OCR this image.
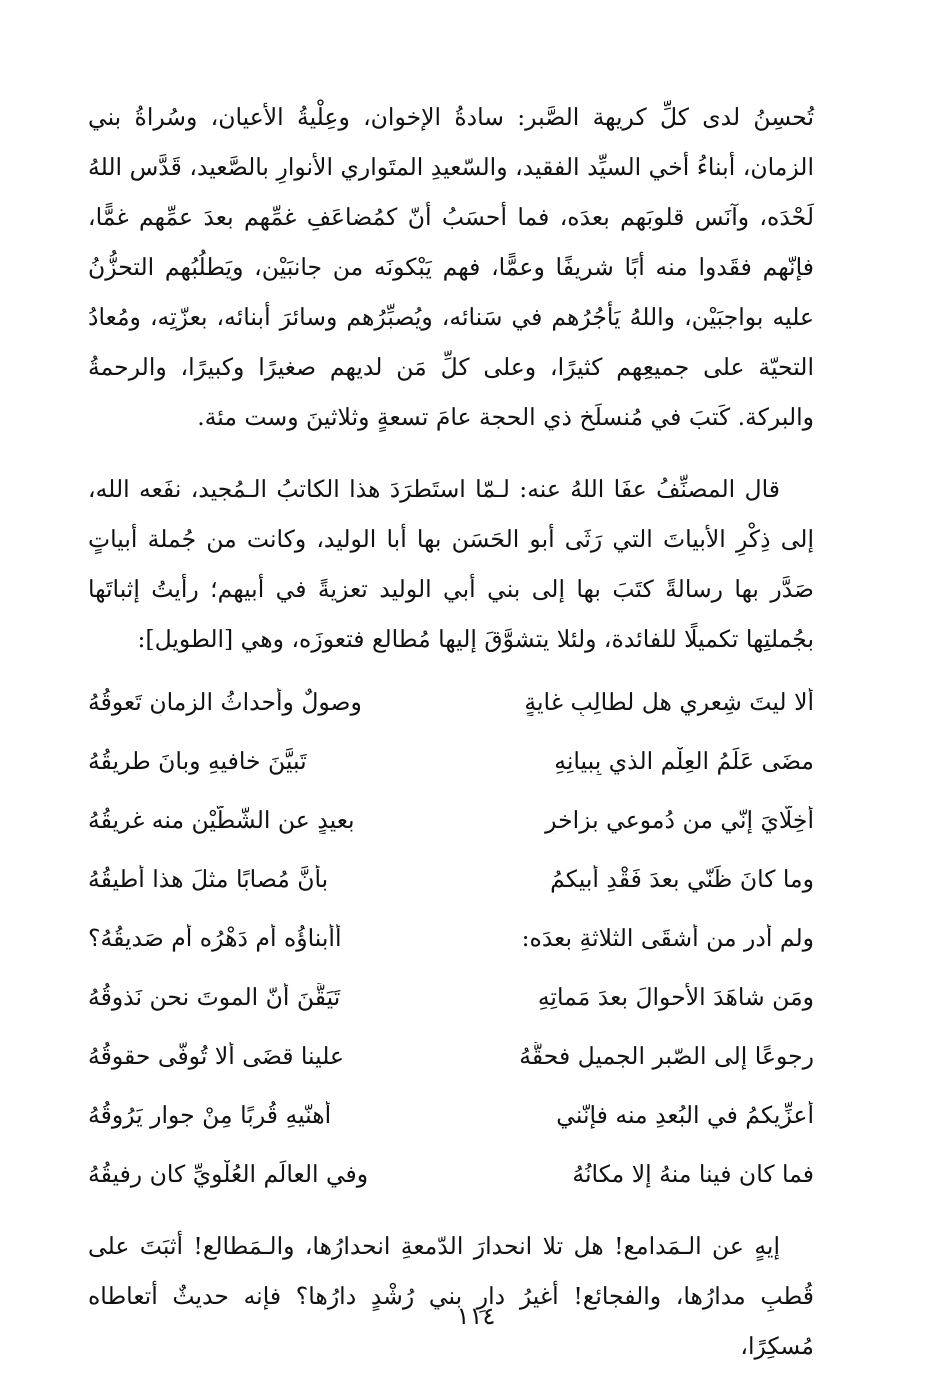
تُحسِنُ لدى كلِّ كريهة الصَّبر: سادةُ الإخوان، وعِلْيةُ الأعيان، وسُراةُ بني الزمان، أبناءُ أخي السيِّد الفقيد، والسّعيدِ المتَواري الأنوارِ بالصَّعيد، قَدَّس اللهُ لَحْدَه، وآنَس قلوبَهم بعدَه، فما أحسَبُ أنّ كمُضاعَفِ غمِّهم بعدَ عمِّهم غمًّا، فإنّهم فقَدوا منه أبًا شريفًا وعمًّا، فهم يَبْكونَه من جانبَيْن، ويَطلُبُهم التحزُّنُ عليه بواجبَيْن، واللهُ يَأجُرُهم في سَنائه، ويُصبِّرُهم وسائرَ أبنائه، بعزّتِه، ومُعادُ التحيّة على جميعِهم كثيرًا، وعلى كلِّ مَن لديهم صغيرًا وكبيرًا، والرحمةُ والبركة. كَتبَ في مُنسلَخ ذي الحجة عامَ تسعةٍ وثلاثينَ وست مئة.

قال المصنِّفُ عفَا اللهُ عنه: لـمّا استَطرَدَ هذا الكاتبُ الـمُجيد، نفَعه الله، إلى ذِكْرِ الأبياتَ التي رَثَى أبو الحَسَن بها أبا الوليد، وكانت من جُملة أبياتٍ صَدَّر بها رسالةً كتَبَ بها إلى بني أبي الوليد تعزيةً في أبيهم؛ رأيتُ إثباتَها بجُملتِها تكميلًا للفائدة، ولئلا يتشوَّقَ إليها مُطالع فتعوزَه، وهي [الطويل]:

ألا ليتَ شِعري هل لطالِبِ غايةٍ
وصولٌ وأحداثُ الزمانِ تَعوقُهُ
مضَى عَلَمُ العِلْمِ الذي بِبيانِهِ
تَبيَّنَ خافيهِ وبانَ طريقُهُ
أخِلّايَ إنّي من دُموعي بزاخرٍ
بعيدٍ عن الشّطَّيْنِ منه غريقُهُ
وما كانَ ظَنّي بعدَ فَقْدِ أبيكمُ
بأنَّ مُصابًا مثلَ هذا أُطيقُهُ
ولم أدرِ من أشقَى الثلاثةِ بعدَه:
أأبناؤُه أم دَهْرُه أم صَديقُهُ؟
ومَن شاهَدَ الأحوالَ بعدَ مَماتِهِ
تَيَقَّنَ أنّ الموتَ نحن نَذوقُهُ
رجوعًا إلى الصّبرِ الجميلِ فحقُّهُ
علينا قضَى ألا تُوفَّى حقوقُهُ
أُعزِّيكمُ في البُعدِ منه فإنّني
أُهنّيهِ قُربًا مِنْ جوارٍ يَرُوقُهُ
فما كان فينا منهُ إلا مكانُهُ
وفي العالَمِ العُلْويِّ كان رفيقُهُ

إيهٍ عن الـمَدامع! هل تلا انحدارَ الدّمعةِ انحدارُها، والـمَطالع! أثبَتَ على قُطبِ مدارُها، والفجائع! أغيرُ دارِ بني رُشْدٍ دارُها؟ فإنه حديثٌ أتعاطاه مُسكِرًا،

١١٤
